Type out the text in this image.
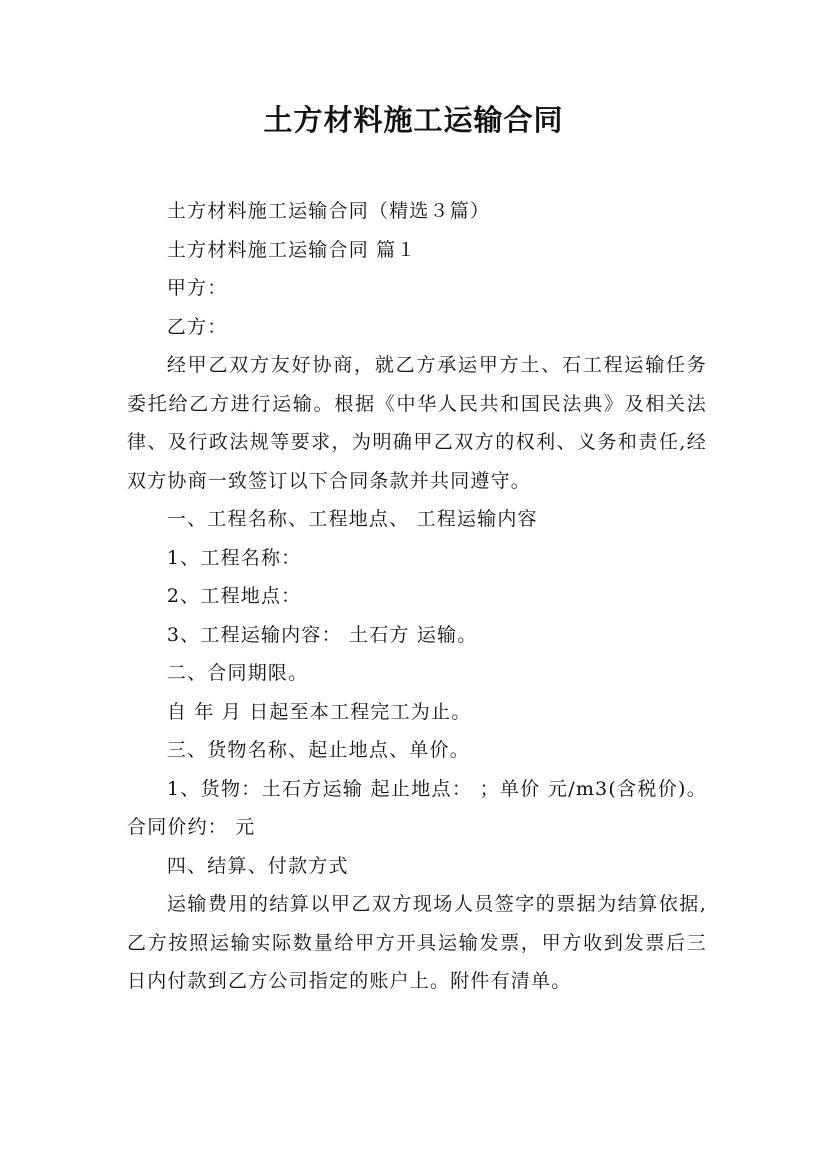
土方材料施工运输合同

土方材料施工运输合同（精选３篇）

土方材料施工运输合同 篇１

甲方：

乙方：

经甲乙双方友好协商，就乙方承运甲方土、石工程运输任务委托给乙方进行运输。根据《中华人民共和国民法典》及相关法律、及行政法规等要求，为明确甲乙双方的权利、义务和责任,经双方协商一致签订以下合同条款并共同遵守。

一、工程名称、工程地点、 工程运输内容

1、工程名称：

2、工程地点：

3、工程运输内容： 土石方 运输。

二、合同期限。

自 年 月 日起至本工程完工为止。

三、货物名称、起止地点、单价。

1、货物：土石方运输 起止地点： ；单价 元/m3(含税价)。合同价约： 元

四、结算、付款方式

运输费用的结算以甲乙双方现场人员签字的票据为结算依据,乙方按照运输实际数量给甲方开具运输发票，甲方收到发票后三日内付款到乙方公司指定的账户上。附件有清单。
